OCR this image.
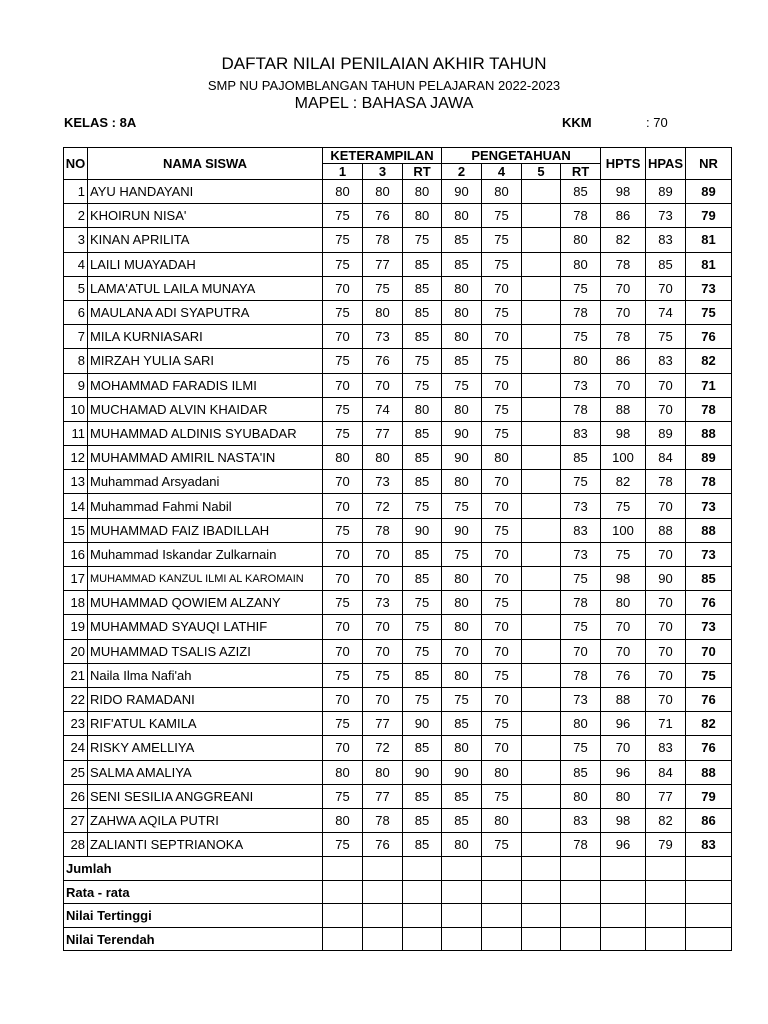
DAFTAR NILAI PENILAIAN AKHIR TAHUN
SMP NU PAJOMBLANGAN TAHUN PELAJARAN 2022-2023
MAPEL : BAHASA JAWA
KELAS : 8A	KKM	: 70
NO	NAMA SISWA	KETERAMPILAN			PENGETAHUAN				HPTS	HPAS	NR
		1	3	RT	2	4	5	RT			
1	AYU HANDAYANI	80	80	80	90	80		85	98	89	89
2	KHOIRUN NISA'	75	76	80	80	75		78	86	73	79
3	KINAN APRILITA	75	78	75	85	75		80	82	83	81
4	LAILI MUAYADAH	75	77	85	85	75		80	78	85	81
5	LAMA'ATUL LAILA MUNAYA	70	75	85	80	70		75	70	70	73
6	MAULANA ADI SYAPUTRA	75	80	85	80	75		78	70	74	75
7	MILA KURNIASARI	70	73	85	80	70		75	78	75	76
8	MIRZAH YULIA SARI	75	76	75	85	75		80	86	83	82
9	MOHAMMAD FARADIS ILMI	70	70	75	75	70		73	70	70	71
10	MUCHAMAD ALVIN KHAIDAR	75	74	80	80	75		78	88	70	78
11	MUHAMMAD ALDINIS SYUBADAR	75	77	85	90	75		83	98	89	88
12	MUHAMMAD AMIRIL NASTA'IN	80	80	85	90	80		85	100	84	89
13	Muhammad Arsyadani	70	73	85	80	70		75	82	78	78
14	Muhammad Fahmi Nabil	70	72	75	75	70		73	75	70	73
15	MUHAMMAD FAIZ IBADILLAH	75	78	90	90	75		83	100	88	88
16	Muhammad Iskandar Zulkarnain	70	70	85	75	70		73	75	70	73
17	MUHAMMAD KANZUL ILMI AL KAROMAIN	70	70	85	80	70		75	98	90	85
18	MUHAMMAD QOWIEM ALZANY	75	73	75	80	75		78	80	70	76
19	MUHAMMAD SYAUQI LATHIF	70	70	75	80	70		75	70	70	73
20	MUHAMMAD TSALIS AZIZI	70	70	75	70	70		70	70	70	70
21	Naila Ilma Nafi'ah	75	75	85	80	75		78	76	70	75
22	RIDO RAMADANI	70	70	75	75	70		73	88	70	76
23	RIF'ATUL KAMILA	75	77	90	85	75		80	96	71	82
24	RISKY AMELLIYA	70	72	85	80	70		75	70	83	76
25	SALMA AMALIYA	80	80	90	90	80		85	96	84	88
26	SENI SESILIA ANGGREANI	75	77	85	85	75		80	80	77	79
27	ZAHWA AQILA PUTRI	80	78	85	85	80		83	98	82	86
28	ZALIANTI SEPTRIANOKA	75	76	85	80	75		78	96	79	83
Jumlah											
Rata - rata											
Nilai Tertinggi											
Nilai Terendah											
